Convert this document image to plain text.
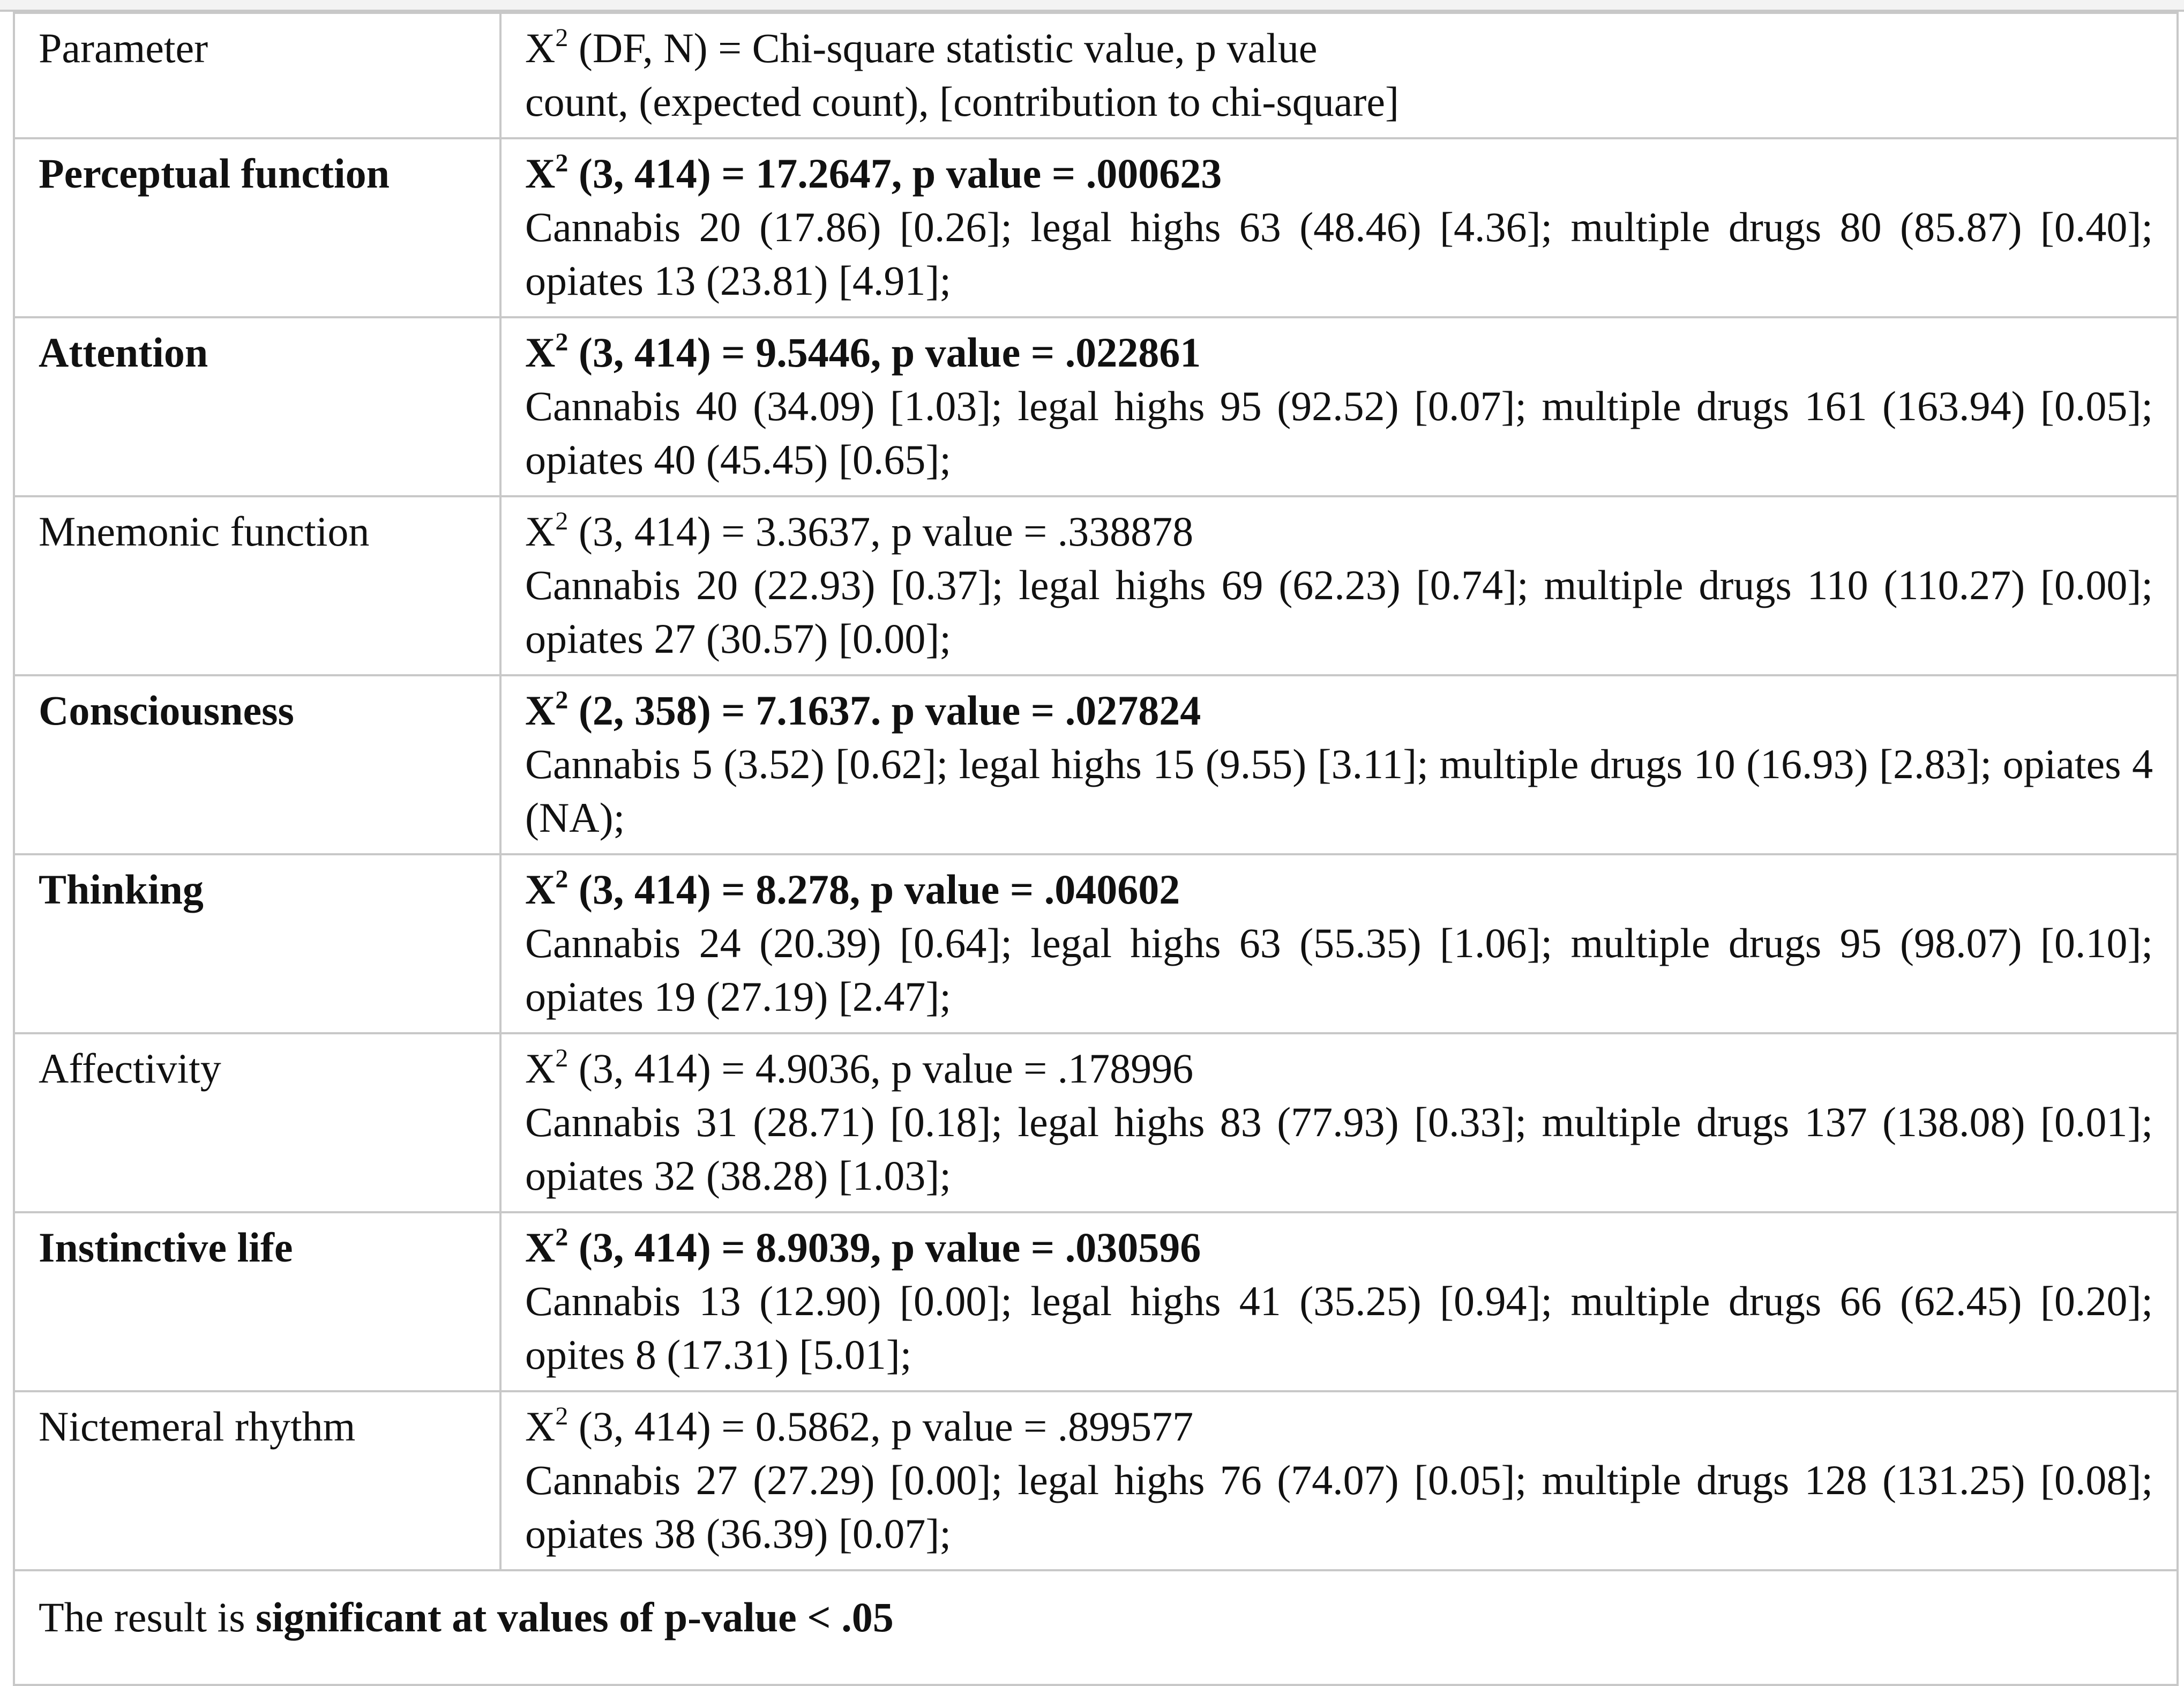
Parameter	$X^2$ (DF, N) = Chi-square statistic value, p value
count, (expected count), [contribution to chi-square]

Perceptual function	$X^2$ (3, 414) = 17.2647, p value = .000623
Cannabis 20 (17.86) [0.26]; legal highs 63 (48.46) [4.36]; multiple drugs 80 (85.87) [0.40]; opiates 13 (23.81) [4.91];

Attention	$X^2$ (3, 414) = 9.5446, p value = .022861
Cannabis 40 (34.09) [1.03]; legal highs 95 (92.52) [0.07]; multiple drugs 161 (163.94) [0.05]; opiates 40 (45.45) [0.65];

Mnemonic function	$X^2$ (3, 414) = 3.3637, p value = .338878
Cannabis 20 (22.93) [0.37]; legal highs 69 (62.23) [0.74]; multiple drugs 110 (110.27) [0.00]; opiates 27 (30.57) [0.00];

Consciousness	$X^2$ (2, 358) = 7.1637. p value = .027824
Cannabis 5 (3.52) [0.62]; legal highs 15 (9.55) [3.11]; multiple drugs 10 (16.93) [2.83]; opiates 4 (NA);

Thinking	$X^2$ (3, 414) = 8.278, p value = .040602
Cannabis 24 (20.39) [0.64]; legal highs 63 (55.35) [1.06]; multiple drugs 95 (98.07) [0.10]; opiates 19 (27.19) [2.47];

Affectivity	$X^2$ (3, 414) = 4.9036, p value = .178996
Cannabis 31 (28.71) [0.18]; legal highs 83 (77.93) [0.33]; multiple drugs 137 (138.08) [0.01]; opiates 32 (38.28) [1.03];

Instinctive life	$X^2$ (3, 414) = 8.9039, p value = .030596
Cannabis 13 (12.90) [0.00]; legal highs 41 (35.25) [0.94]; multiple drugs 66 (62.45) [0.20]; opites 8 (17.31) [5.01];

Nictemeral rhythm	$X^2$ (3, 414) = 0.5862, p value = .899577
Cannabis 27 (27.29) [0.00]; legal highs 76 (74.07) [0.05]; multiple drugs 128 (131.25) [0.08]; opiates 38 (36.39) [0.07];

The result is significant at values of p-value < .05	
